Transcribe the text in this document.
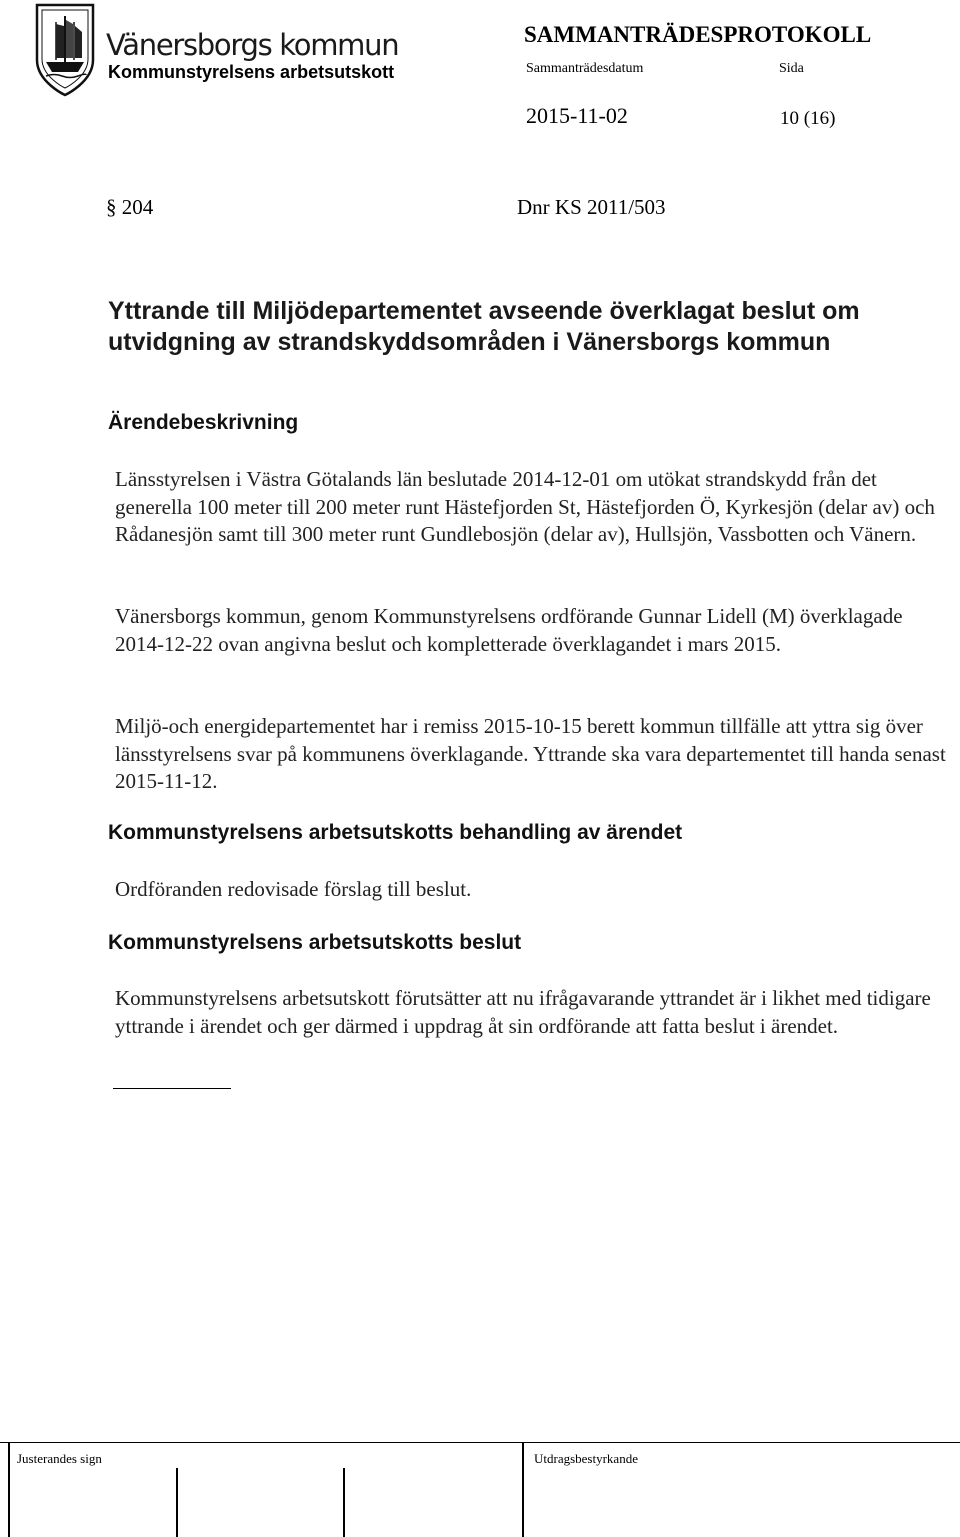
Vänersborgs kommun
Kommunstyrelsens arbetsutskott
SAMMANTRÄDESPROTOKOLL
Sammanträdesdatum	Sida
2015-11-02	10 (16)
§ 204	Dnr KS 2011/503
Yttrande till Miljödepartementet avseende överklagat beslut om
utvidgning av strandskyddsområden i Vänersborgs kommun
Ärendebeskrivning
Länsstyrelsen i Västra Götalands län beslutade 2014-12-01 om utökat strandskydd från det generella 100 meter till 200 meter runt Hästefjorden St, Hästefjorden Ö, Kyrkesjön (delar av) och Rådanesjön samt till 300 meter runt Gundlebosjön (delar av), Hullsjön, Vassbotten och Vänern.
Vänersborgs kommun, genom Kommunstyrelsens ordförande Gunnar Lidell (M) överklagade 2014-12-22 ovan angivna beslut och kompletterade överklagandet i mars 2015.
Miljö-och energidepartementet har i remiss 2015-10-15 berett kommun tillfälle att yttra sig över länsstyrelsens svar på kommunens överklagande. Yttrande ska vara departementet till handa senast 2015-11-12.
Kommunstyrelsens arbetsutskotts behandling av ärendet
Ordföranden redovisade förslag till beslut.
Kommunstyrelsens arbetsutskotts beslut
Kommunstyrelsens arbetsutskott förutsätter att nu ifrågavarande yttrandet är i likhet med tidigare yttrande i ärendet och ger därmed i uppdrag åt sin ordförande att fatta beslut i ärendet.
Justerandes sign	Utdragsbestyrkande
